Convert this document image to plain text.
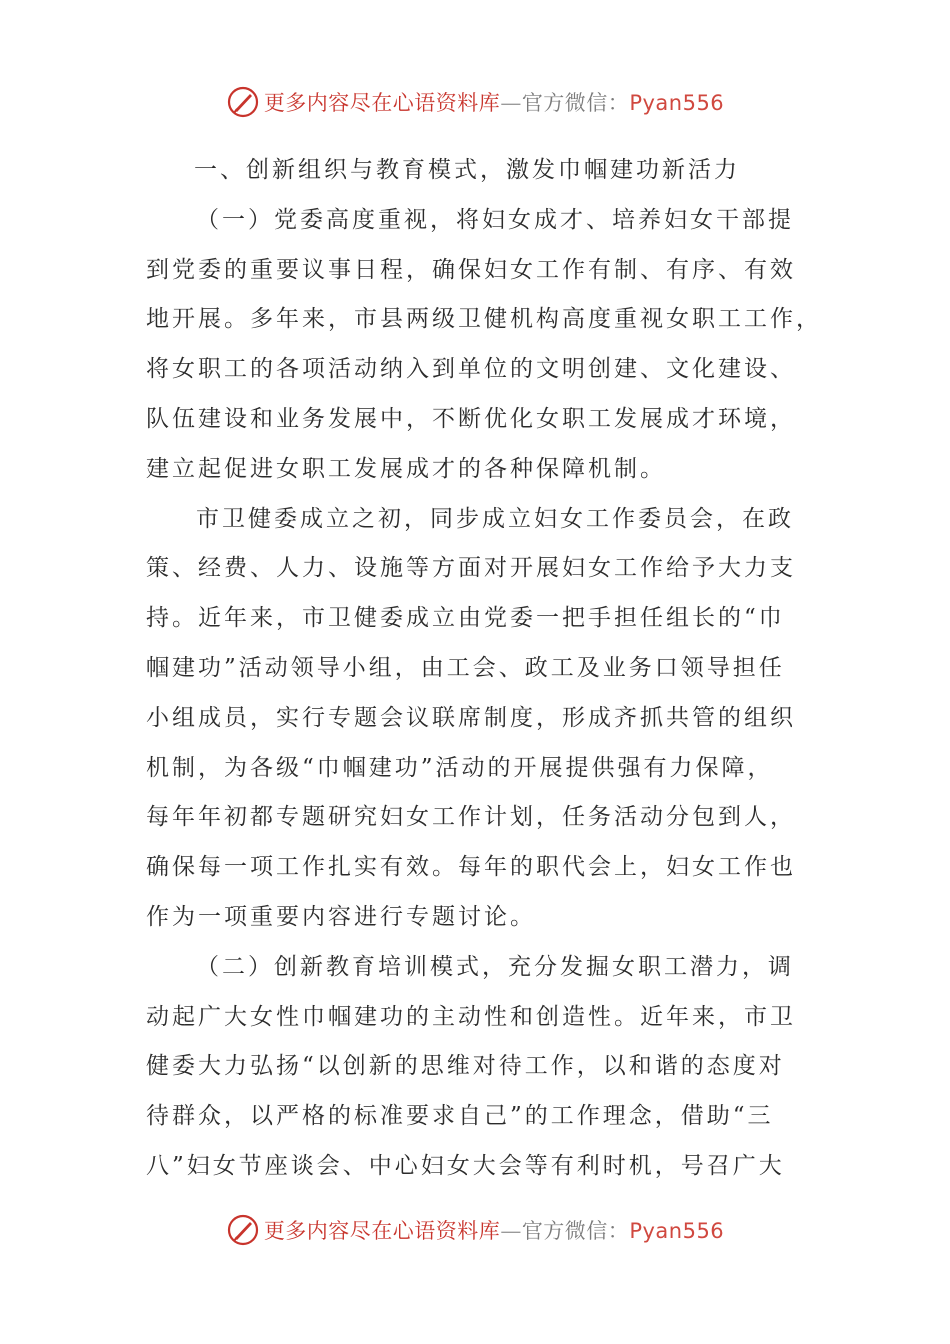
更多内容尽在心语资料库—官方微信：Pyan556
一、创新组织与教育模式，激发巾帼建功新活力
（一）党委高度重视，将妇女成才、培养妇女干部提
到党委的重要议事日程，确保妇女工作有制、有序、有效
地开展。多年来，市县两级卫健机构高度重视女职工工作，
将女职工的各项活动纳入到单位的文明创建、文化建设、
队伍建设和业务发展中，不断优化女职工发展成才环境，
建立起促进女职工发展成才的各种保障机制。
市卫健委成立之初，同步成立妇女工作委员会，在政
策、经费、人力、设施等方面对开展妇女工作给予大力支
持。近年来，市卫健委成立由党委一把手担任组长的“巾
帼建功”活动领导小组，由工会、政工及业务口领导担任
小组成员，实行专题会议联席制度，形成齐抓共管的组织
机制，为各级“巾帼建功”活动的开展提供强有力保障，
每年年初都专题研究妇女工作计划，任务活动分包到人，
确保每一项工作扎实有效。每年的职代会上，妇女工作也
作为一项重要内容进行专题讨论。
（二）创新教育培训模式，充分发掘女职工潜力，调
动起广大女性巾帼建功的主动性和创造性。近年来，市卫
健委大力弘扬“以创新的思维对待工作，以和谐的态度对
待群众，以严格的标准要求自己”的工作理念，借助“三
八”妇女节座谈会、中心妇女大会等有利时机，号召广大
更多内容尽在心语资料库—官方微信：Pyan556
